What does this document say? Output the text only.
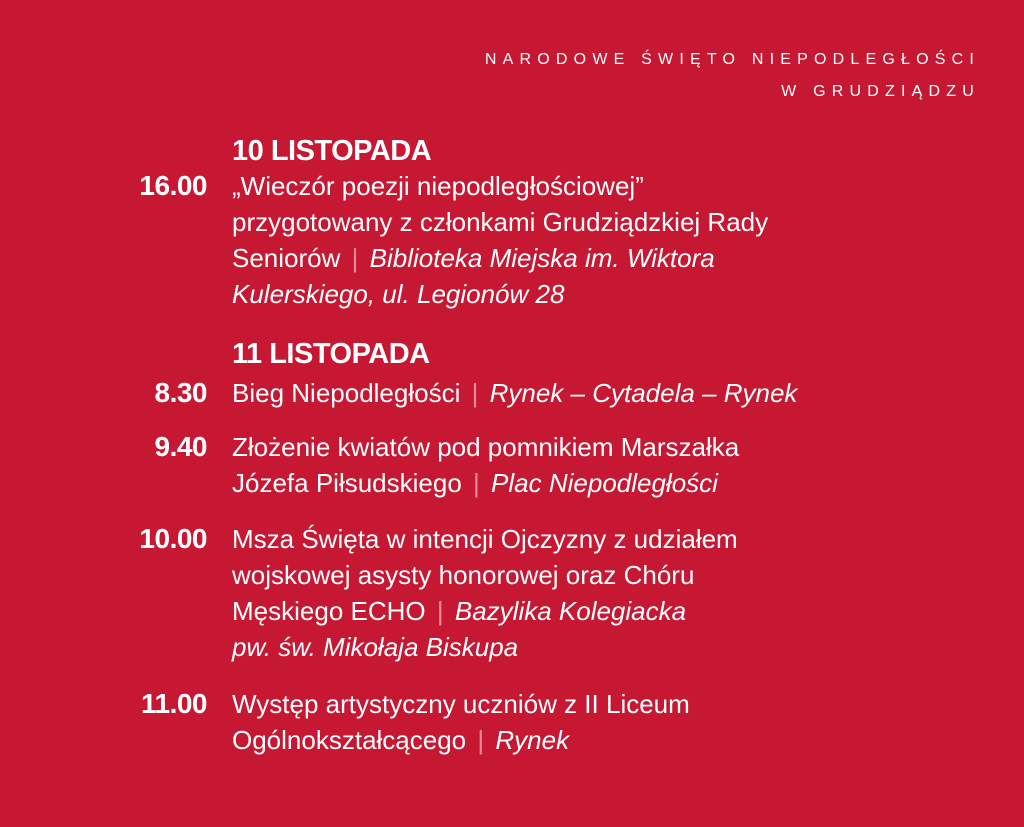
NARODOWE ŚWIĘTO NIEPODLEGŁOŚCI
W GRUDZIĄDZU
10 LISTOPADA
16.00 „Wieczór poezji niepodległościowej”
przygotowany z członkami Grudziądzkiej Rady
Seniorów | Biblioteka Miejska im. Wiktora
Kulerskiego, ul. Legionów 28
11 LISTOPADA
8.30 Bieg Niepodległości | Rynek – Cytadela – Rynek
9.40 Złożenie kwiatów pod pomnikiem Marszałka
Józefa Piłsudskiego | Plac Niepodległości
10.00 Msza Święta w intencji Ojczyzny z udziałem
wojskowej asysty honorowej oraz Chóru
Męskiego ECHO | Bazylika Kolegiacka
pw. św. Mikołaja Biskupa
11.00 Występ artystyczny uczniów z II Liceum
Ogólnokształcącego | Rynek
